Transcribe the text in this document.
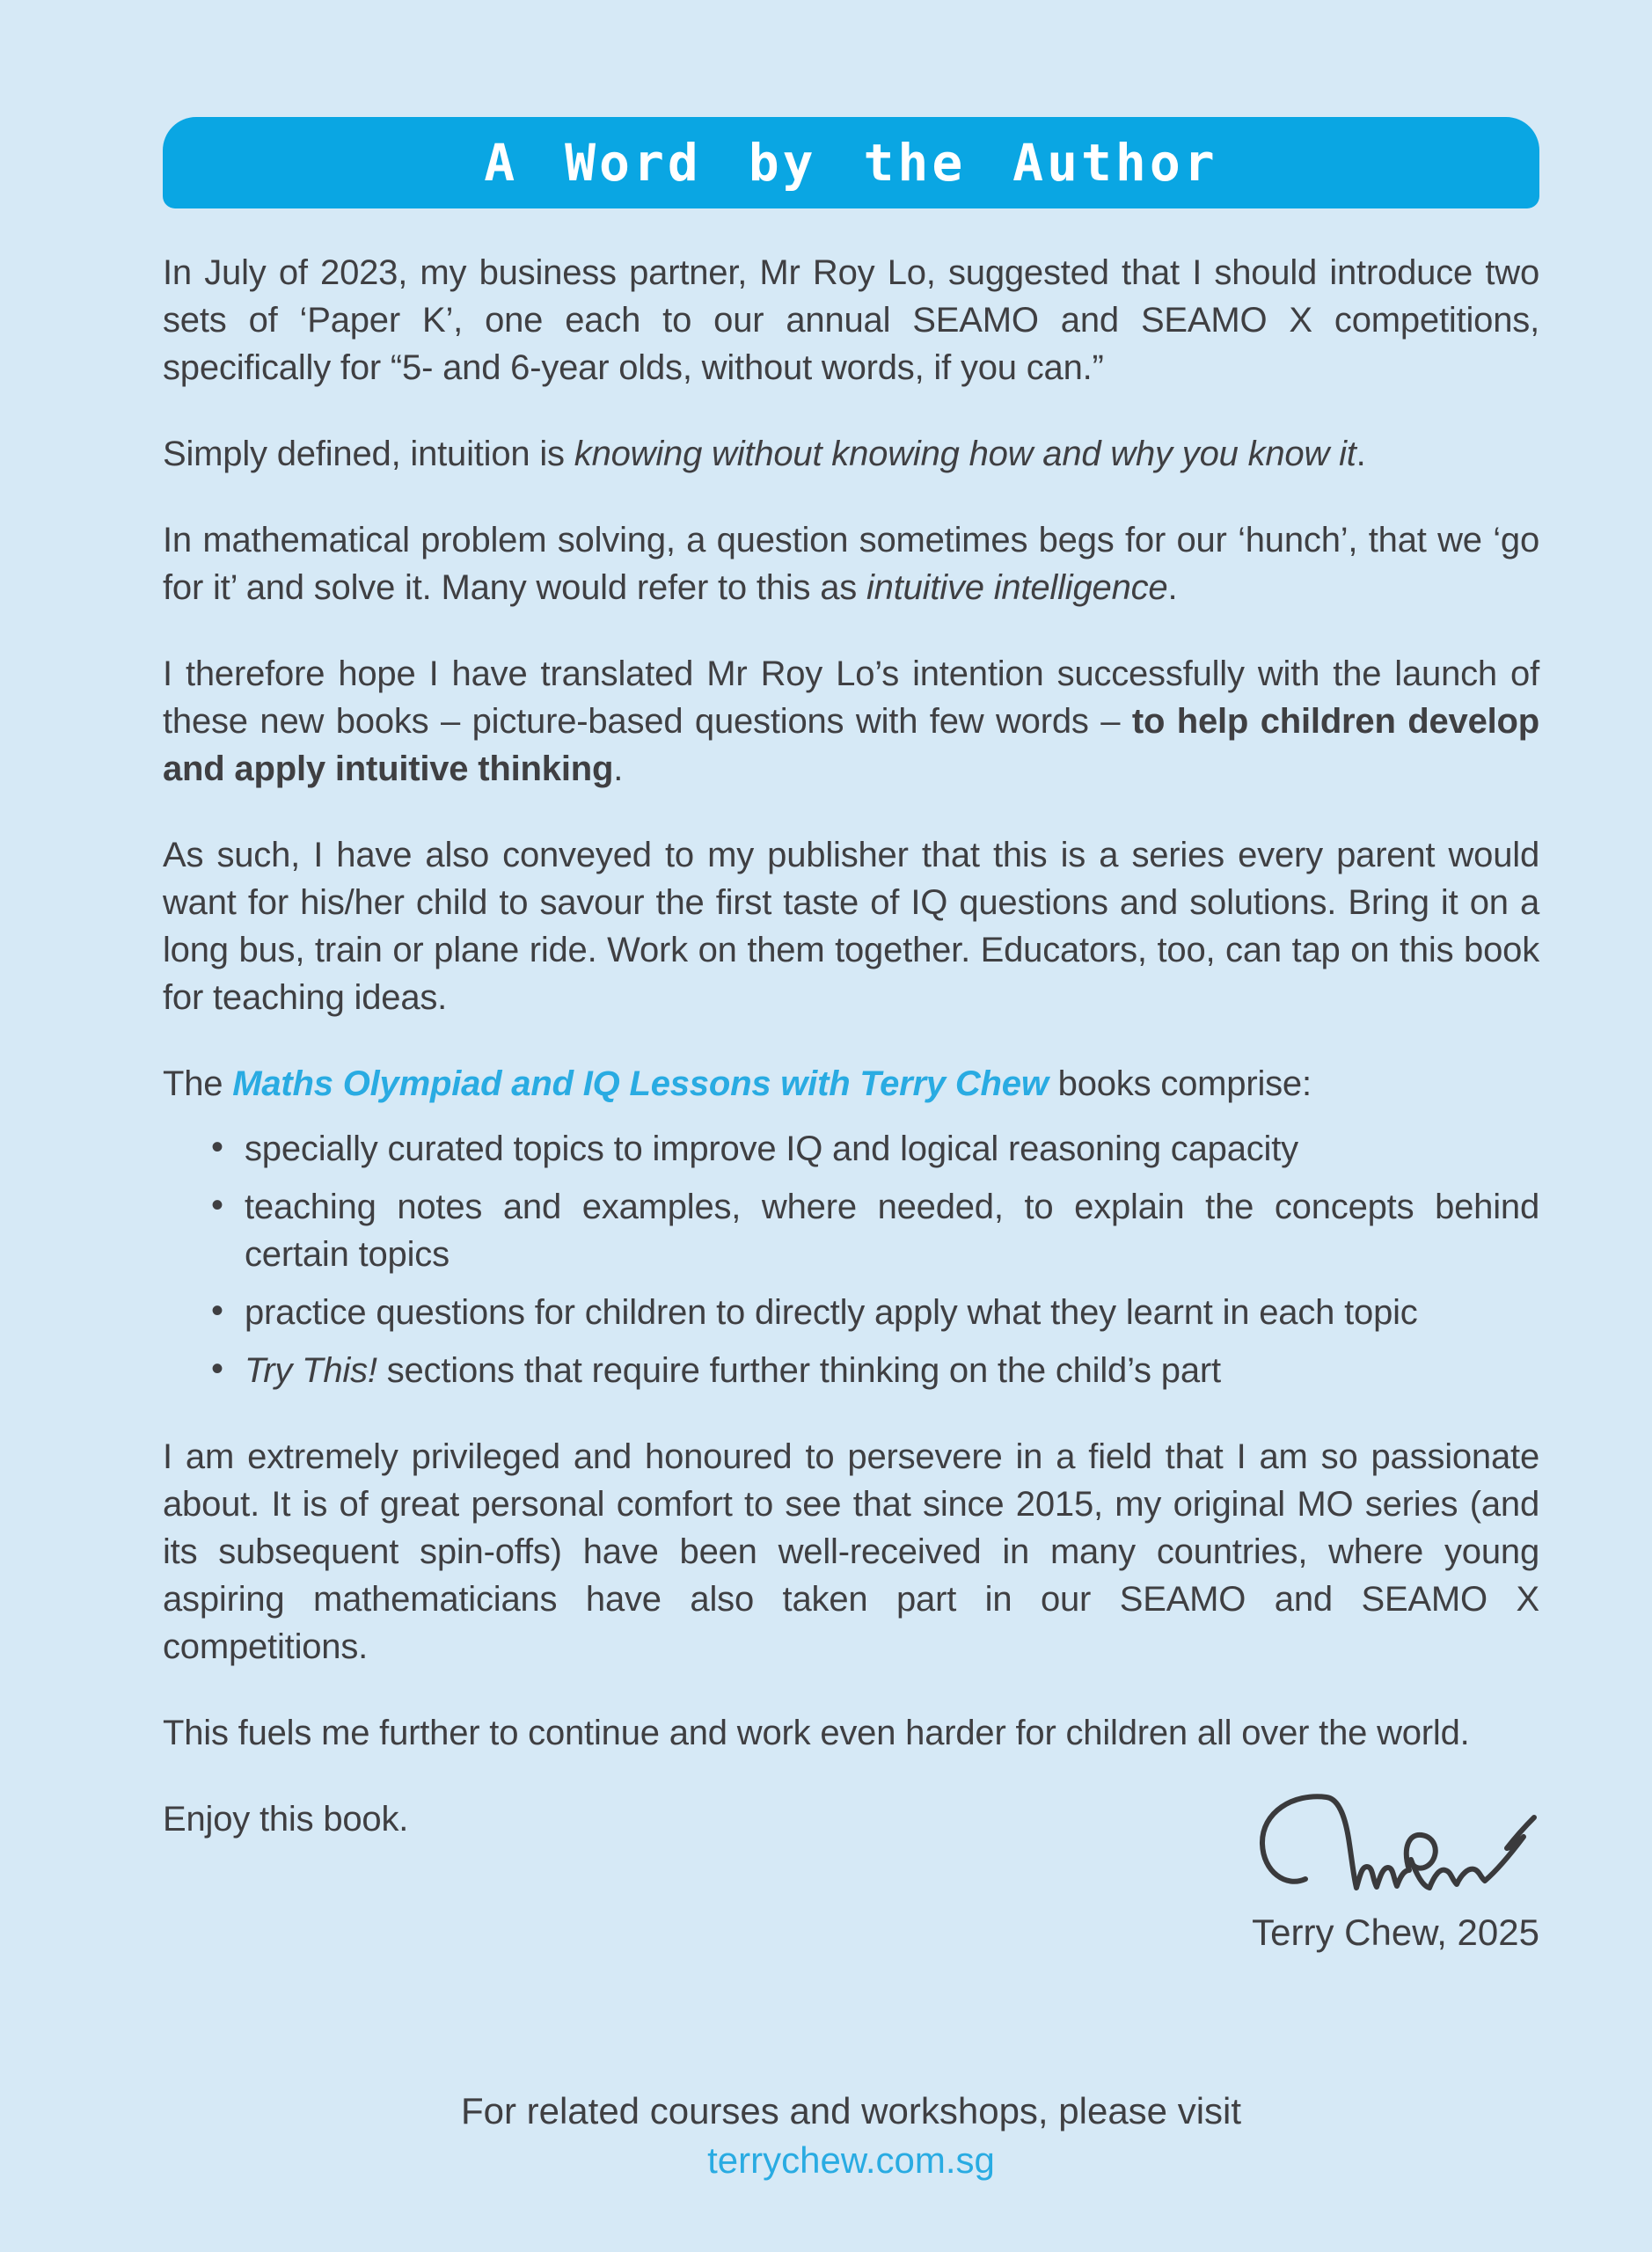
A Word by the Author

In July of 2023, my business partner, Mr Roy Lo, suggested that I should introduce two sets of ‘Paper K’, one each to our annual SEAMO and SEAMO X competitions, specifically for “5- and 6-year olds, without words, if you can.”

Simply defined, intuition is knowing without knowing how and why you know it.

In mathematical problem solving, a question sometimes begs for our ‘hunch’, that we ‘go for it’ and solve it. Many would refer to this as intuitive intelligence.

I therefore hope I have translated Mr Roy Lo’s intention successfully with the launch of these new books – picture-based questions with few words – to help children develop and apply intuitive thinking.

As such, I have also conveyed to my publisher that this is a series every parent would want for his/her child to savour the first taste of IQ questions and solutions. Bring it on a long bus, train or plane ride. Work on them together. Educators, too, can tap on this book for teaching ideas.

The Maths Olympiad and IQ Lessons with Terry Chew books comprise:

• specially curated topics to improve IQ and logical reasoning capacity
• teaching notes and examples, where needed, to explain the concepts behind certain topics
• practice questions for children to directly apply what they learnt in each topic
• Try This! sections that require further thinking on the child’s part

I am extremely privileged and honoured to persevere in a field that I am so passionate about. It is of great personal comfort to see that since 2015, my original MO series (and its subsequent spin-offs) have been well-received in many countries, where young aspiring mathematicians have also taken part in our SEAMO and SEAMO X competitions.

This fuels me further to continue and work even harder for children all over the world.

Enjoy this book.

Terry Chew, 2025
For related courses and workshops, please visit
terrychew.com.sg
